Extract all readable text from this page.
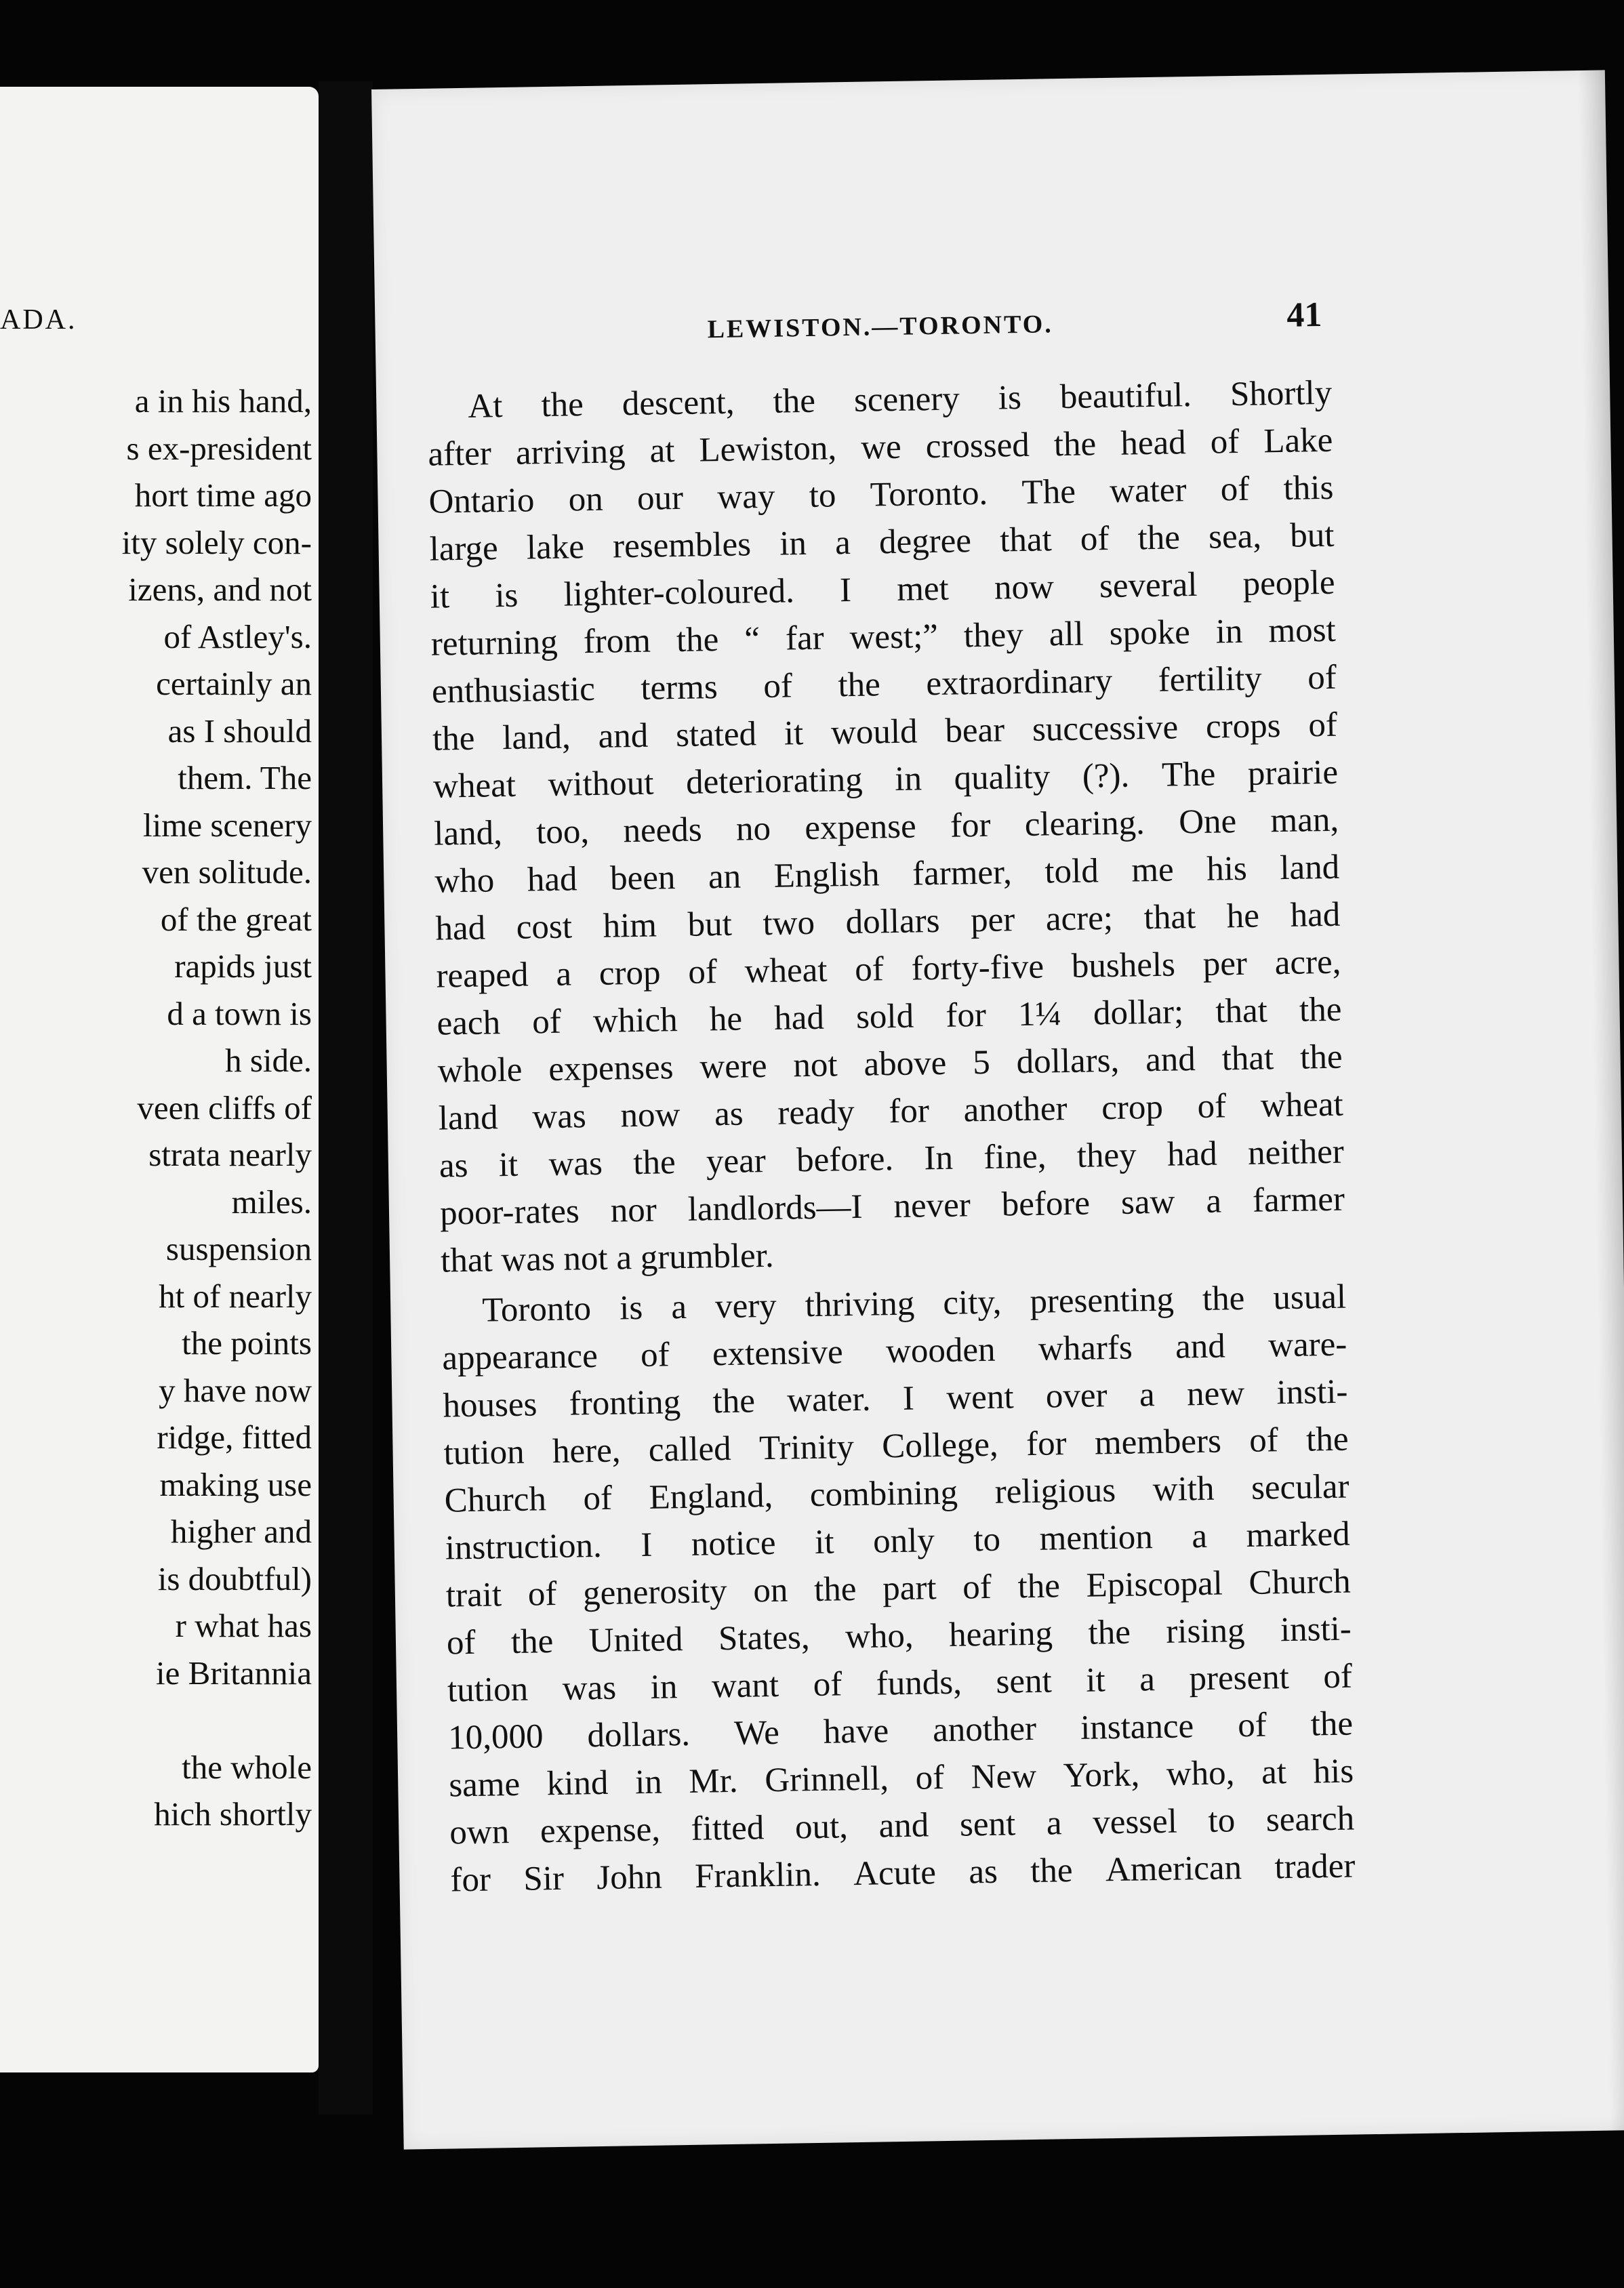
ADA.
a in his hand,
s ex-president
hort time ago
ity solely con-
izens, and not
of Astley's.
certainly an
as I should
them. The
lime scenery
ven solitude.
of the great
rapids just
d a town is
h side.
veen cliffs of
strata nearly
miles.
suspension
ht of nearly
the points
y have now
ridge, fitted
making use
higher and
is doubtful)
r what has
ie Britannia
the whole
hich shortly
LEWISTON.—TORONTO.	41
At the descent, the scenery is beautiful. Shortly
after arriving at Lewiston, we crossed the head of Lake
Ontario on our way to Toronto. The water of this
large lake resembles in a degree that of the sea, but
it is lighter-coloured. I met now several people
returning from the “ far west;” they all spoke in most
enthusiastic terms of the extraordinary fertility of
the land, and stated it would bear successive crops of
wheat without deteriorating in quality (?). The prairie
land, too, needs no expense for clearing. One man,
who had been an English farmer, told me his land
had cost him but two dollars per acre; that he had
reaped a crop of wheat of forty-five bushels per acre,
each of which he had sold for 1¼ dollar; that the
whole expenses were not above 5 dollars, and that the
land was now as ready for another crop of wheat
as it was the year before. In fine, they had neither
poor-rates nor landlords—I never before saw a farmer
that was not a grumbler.
Toronto is a very thriving city, presenting the usual
appearance of extensive wooden wharfs and ware-
houses fronting the water. I went over a new insti-
tution here, called Trinity College, for members of the
Church of England, combining religious with secular
instruction. I notice it only to mention a marked
trait of generosity on the part of the Episcopal Church
of the United States, who, hearing the rising insti-
tution was in want of funds, sent it a present of
10,000 dollars. We have another instance of the
same kind in Mr. Grinnell, of New York, who, at his
own expense, fitted out, and sent a vessel to search
for Sir John Franklin. Acute as the American trader
